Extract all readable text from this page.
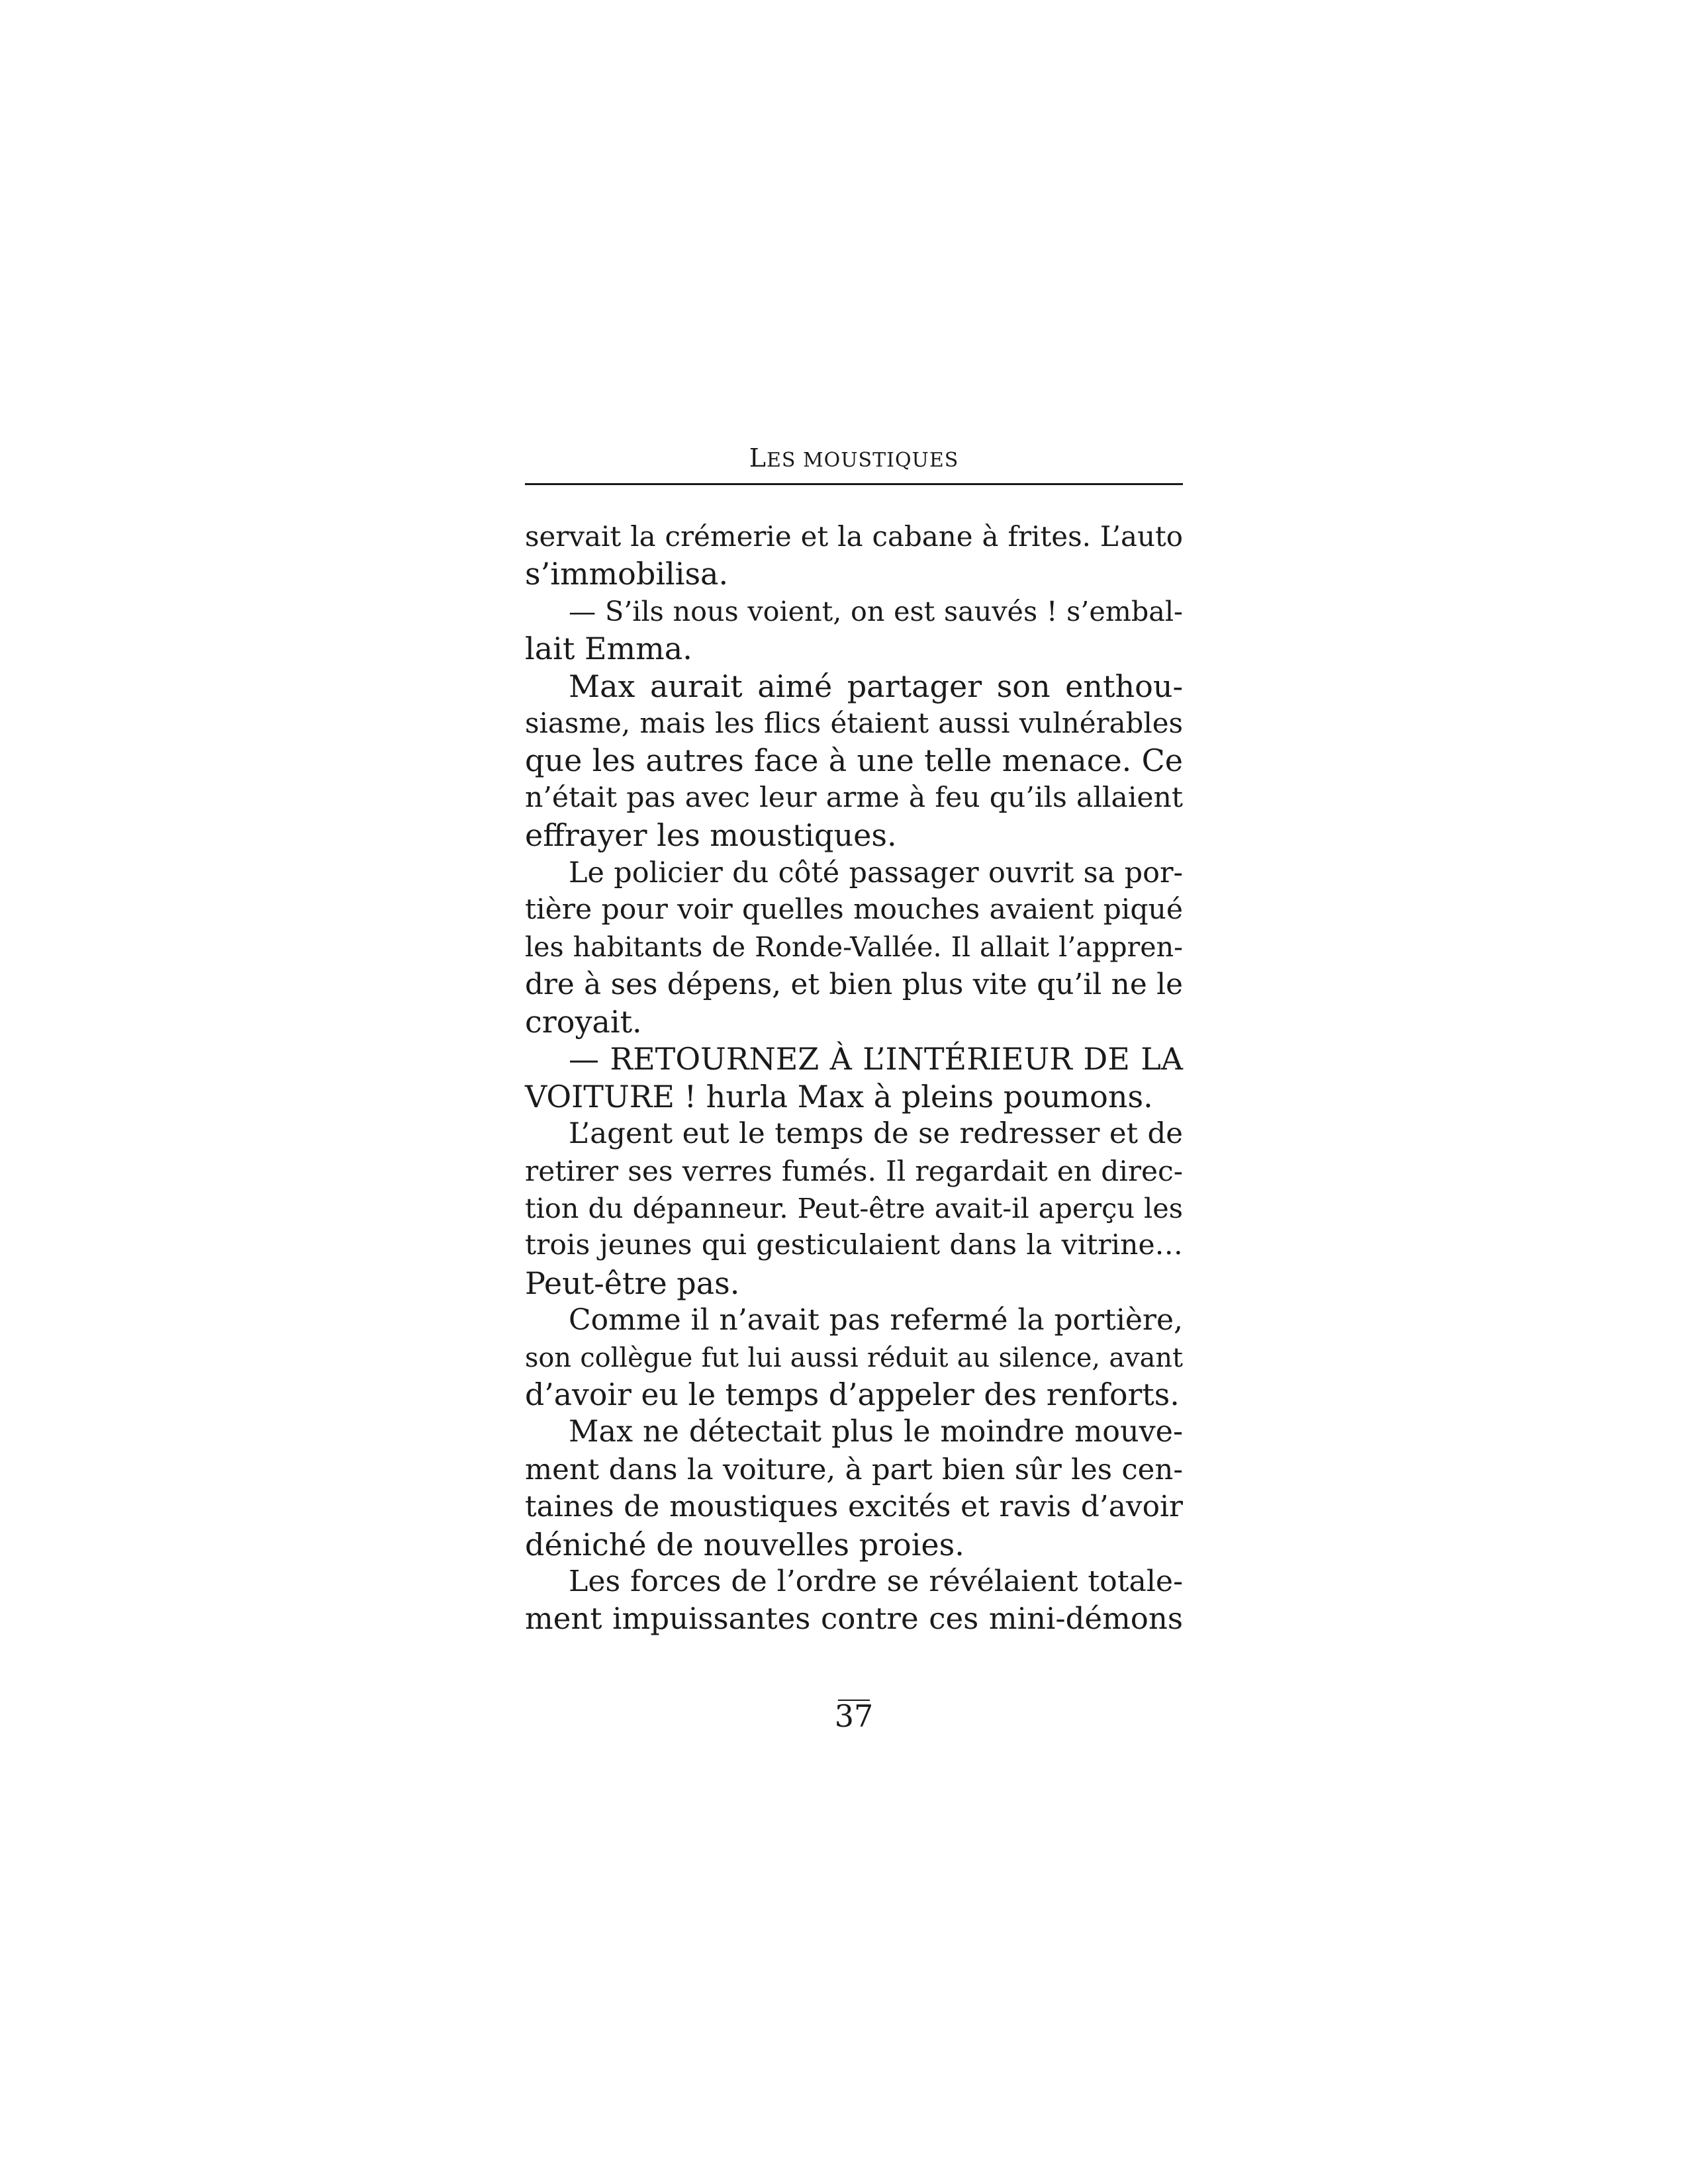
LES MOUSTIQUES
servait la crémerie et la cabane à frites. L’auto
s’immobilisa.
— S’ils nous voient, on est sauvés ! s’embal-
lait Emma.
Max aurait aimé partager son enthou-
siasme, mais les flics étaient aussi vulnérables
que les autres face à une telle menace. Ce
n’était pas avec leur arme à feu qu’ils allaient
effrayer les moustiques.
Le policier du côté passager ouvrit sa por-
tière pour voir quelles mouches avaient piqué
les habitants de Ronde-Vallée. Il allait l’appren-
dre à ses dépens, et bien plus vite qu’il ne le
croyait.
— RETOURNEZ À L’INTÉRIEUR DE LA
VOITURE ! hurla Max à pleins poumons.
L’agent eut le temps de se redresser et de
retirer ses verres fumés. Il regardait en direc-
tion du dépanneur. Peut-être avait-il aperçu les
trois jeunes qui gesticulaient dans la vitrine…
Peut-être pas.
Comme il n’avait pas refermé la portière,
son collègue fut lui aussi réduit au silence, avant
d’avoir eu le temps d’appeler des renforts.
Max ne détectait plus le moindre mouve-
ment dans la voiture, à part bien sûr les cen-
taines de moustiques excités et ravis d’avoir
déniché de nouvelles proies.
Les forces de l’ordre se révélaient totale-
ment impuissantes contre ces mini-démons
37
